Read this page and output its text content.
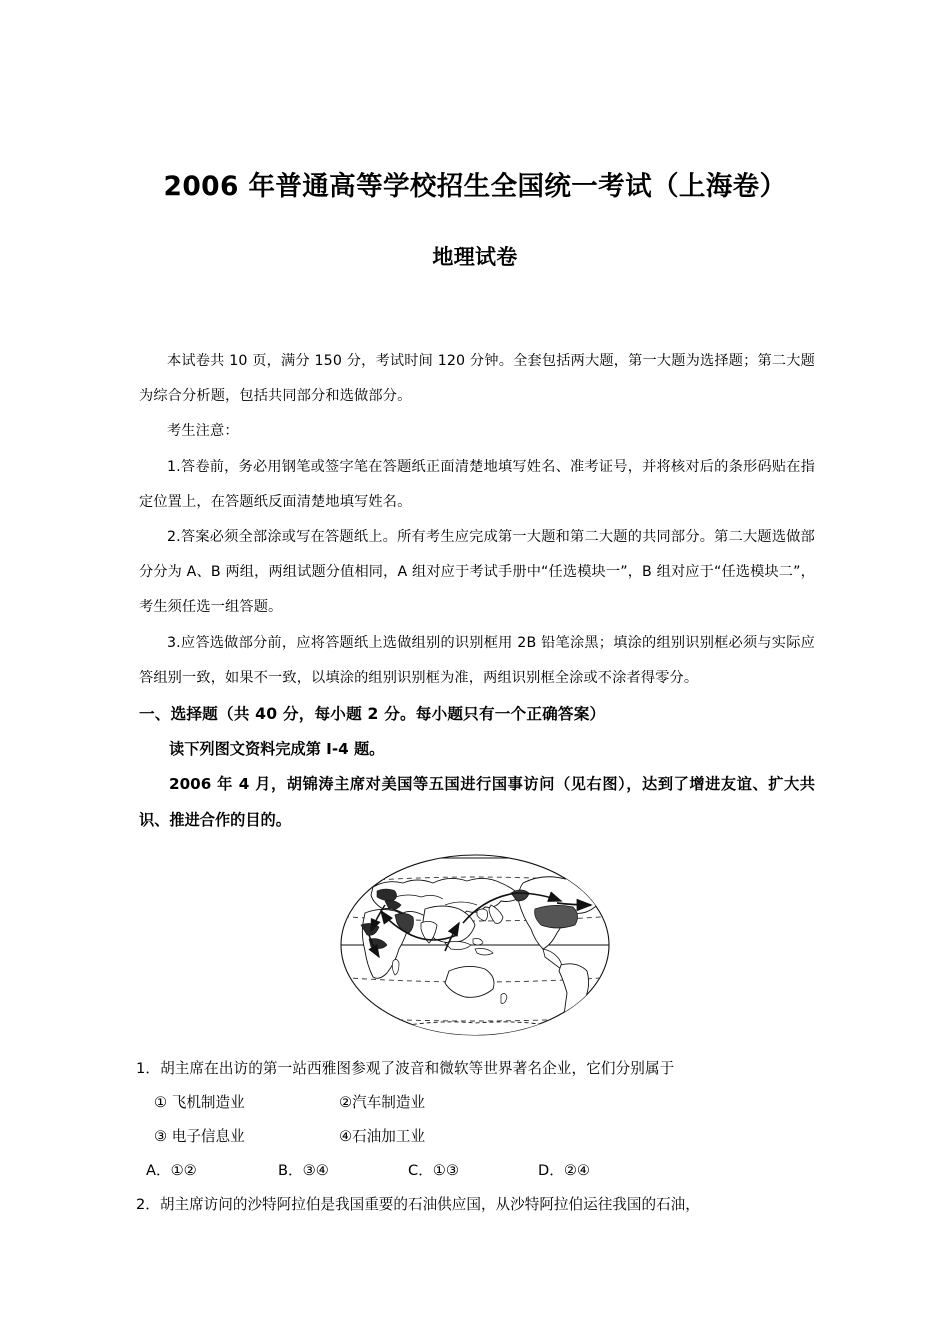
2006 年普通高等学校招生全国统一考试（上海卷）
地理试卷

本试卷共 10 页，满分 150 分，考试时间 120 分钟。全套包括两大题，第一大题为选择题；第二大题为综合分析题，包括共同部分和选做部分。

考生注意：

1.答卷前，务必用钢笔或签字笔在答题纸正面清楚地填写姓名、准考证号，并将核对后的条形码贴在指定位置上，在答题纸反面清楚地填写姓名。

2.答案必须全部涂或写在答题纸上。所有考生应完成第一大题和第二大题的共同部分。第二大题选做部分分为 A、B 两组，两组试题分值相同，A 组对应于考试手册中“任选模块一”，B 组对应于“任选模块二”，考生须任选一组答题。

3.应答选做部分前，应将答题纸上选做组别的识别框用 2B 铅笔涂黑；填涂的组别识别框必须与实际应答组别一致，如果不一致，以填涂的组别识别框为准，两组识别框全涂或不涂者得零分。

一、选择题（共 40 分，每小题 2 分。每小题只有一个正确答案）

读下列图文资料完成第 I-4 题。

2006 年 4 月，胡锦涛主席对美国等五国进行国事访问（见右图），达到了增进友谊、扩大共识、推进合作的目的。

1．胡主席在出访的第一站西雅图参观了波音和微软等世界著名企业，它们分别属于

① 飞机制造业	②汽车制造业
③ 电子信息业	④石油加工业
A．①②	B．③④	C．①③	D．②④

2．胡主席访问的沙特阿拉伯是我国重要的石油供应国，从沙特阿拉伯运往我国的石油，
